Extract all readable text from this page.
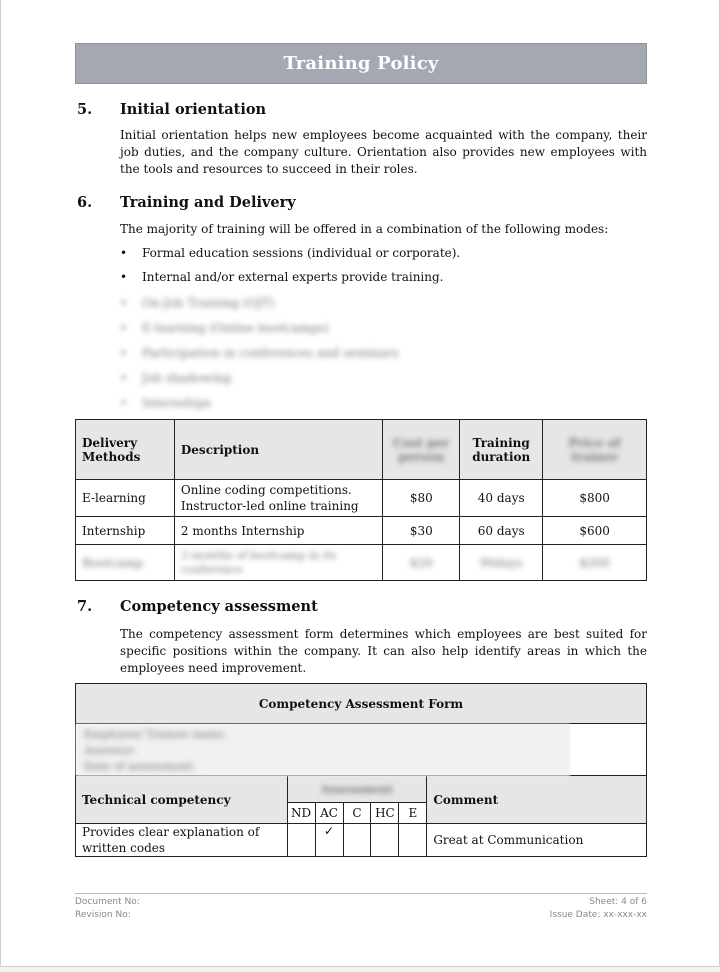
Training Policy
5. Initial orientation
Initial orientation helps new employees become acquainted with the company, their job duties, and the company culture. Orientation also provides new employees with the tools and resources to succeed in their roles.
6. Training and Delivery
The majority of training will be offered in a combination of the following modes:
•	Formal education sessions (individual or corporate).
•	Internal and/or external experts provide training.
•	On-Job Training (OJT)
•	E-learning (Online bootcamps)
•	Participation in conferences and seminars
•	Job shadowing
•	Internships
Delivery Methods	Description	Cost per person	Training duration	Price of trainer
E-learning	Online coding competitions. Instructor-led online training	$80	40 days	$800
Internship	2 months Internship	$30	60 days	$600
Bootcamp	3 months of bootcamp in its conference	$20	90days	$200
7. Competency assessment
The competency assessment form determines which employees are best suited for specific positions within the company. It can also help identify areas in which the employees need improvement.
Competency Assessment Form						

Employee/ Trainee name:
Assessor:
Date of assessment:						

Technical competency	Assessment					Comment
	ND	AC	C	HC	E	
Provides clear explanation of written codes		✓				Great at Communication
Document No:	Sheet: 4 of 6
Revision No:	Issue Date: xx-xxx-xx
